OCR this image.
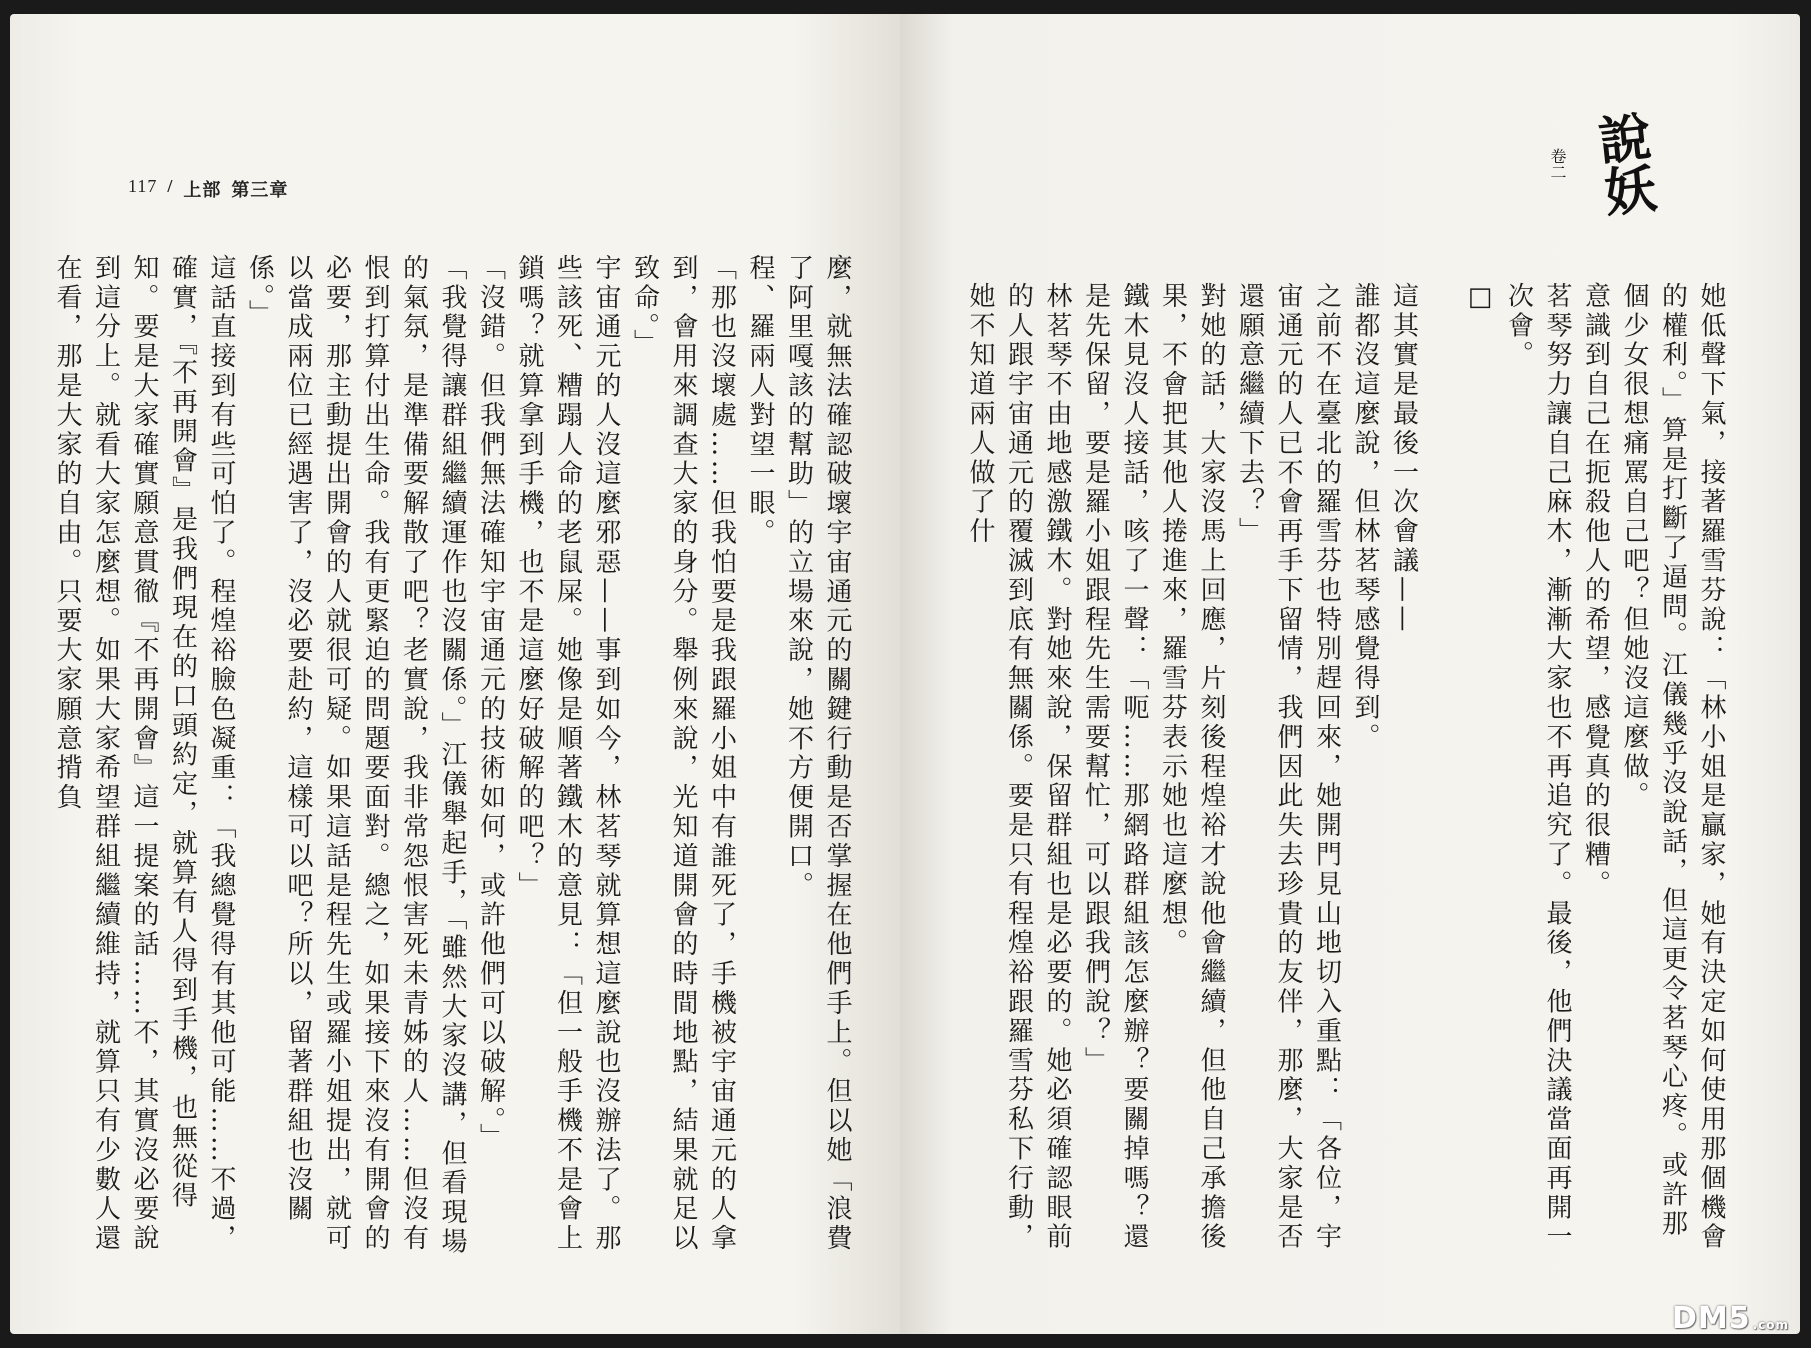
117 / 上部 第三章

麼，就無法確認破壞宇宙通元的關鍵行動是否掌握在他們手上。但以她「浪費了阿里嘎該的幫助」的立場來說，她不方便開口。

程、羅兩人對望一眼。

「那也沒壞處……但我怕要是我跟羅小姐中有誰死了，手機被宇宙通元的人拿到，會用來調查大家的身分。舉例來說，光知道開會的時間地點，結果就足以致命。」

宇宙通元的人沒這麼邪惡——事到如今，林茗琴就算想這麼說也沒辦法了。那些該死、糟蹋人命的老鼠屎。她像是順著鐵木的意見：「但一般手機不是會上鎖嗎？就算拿到手機，也不是這麼好破解的吧？」

「沒錯。但我們無法確知宇宙通元的技術如何，或許他們可以破解。」

「我覺得讓群組繼續運作也沒關係。」江儀舉起手，「雖然大家沒講，但看現場的氣氛，是準備要解散了吧？老實說，我非常怨恨害死未青姊的人……但沒有恨到打算付出生命。我有更緊迫的問題要面對。總之，如果接下來沒有開會的必要，那主動提出開會的人就很可疑。如果這話是程先生或羅小姐提出，就可以當成兩位已經遇害了，沒必要赴約，這樣可以吧？所以，留著群組也沒關係。」

這話直接到有些可怕了。程煌裕臉色凝重：「我總覺得有其他可能……不過，確實，『不再開會』是我們現在的口頭約定，就算有人得到手機，也無從得知。要是大家確實願意貫徹『不再開會』這一提案的話……不，其實沒必要說到這分上。就看大家怎麼想。如果大家希望群組繼續維持，就算只有少數人還在看，那是大家的自由。只要大家願意揹負

說妖
卷二

她低聲下氣，接著羅雪芬說：「林小姐是贏家，她有決定如何使用那個機會的權利。」算是打斷了逼問。江儀幾乎沒說話，但這更令茗琴心疼。或許那個少女很想痛罵自己吧？但她沒這麼做。

意識到自己在扼殺他人的希望，感覺真的很糟。

茗琴努力讓自己麻木，漸漸大家也不再追究了。最後，他們決議當面再開一次會。

□

這其實是最後一次會議——

誰都沒這麼說，但林茗琴感覺得到。

之前不在臺北的羅雪芬也特別趕回來，她開門見山地切入重點：「各位，宇宙通元的人已不會再手下留情，我們因此失去珍貴的友伴，那麼，大家是否還願意繼續下去？」

對她的話，大家沒馬上回應，片刻後程煌裕才說他會繼續，但他自己承擔後果，不會把其他人捲進來，羅雪芬表示她也這麼想。

鐵木見沒人接話，咳了一聲：「呃……那網路群組該怎麼辦？要關掉嗎？還是先保留，要是羅小姐跟程先生需要幫忙，可以跟我們說？」

林茗琴不由地感激鐵木。對她來說，保留群組也是必要的。她必須確認眼前的人跟宇宙通元的覆滅到底有無關係。要是只有程煌裕跟羅雪芬私下行動，她不知道兩人做了什

DM5 .com
